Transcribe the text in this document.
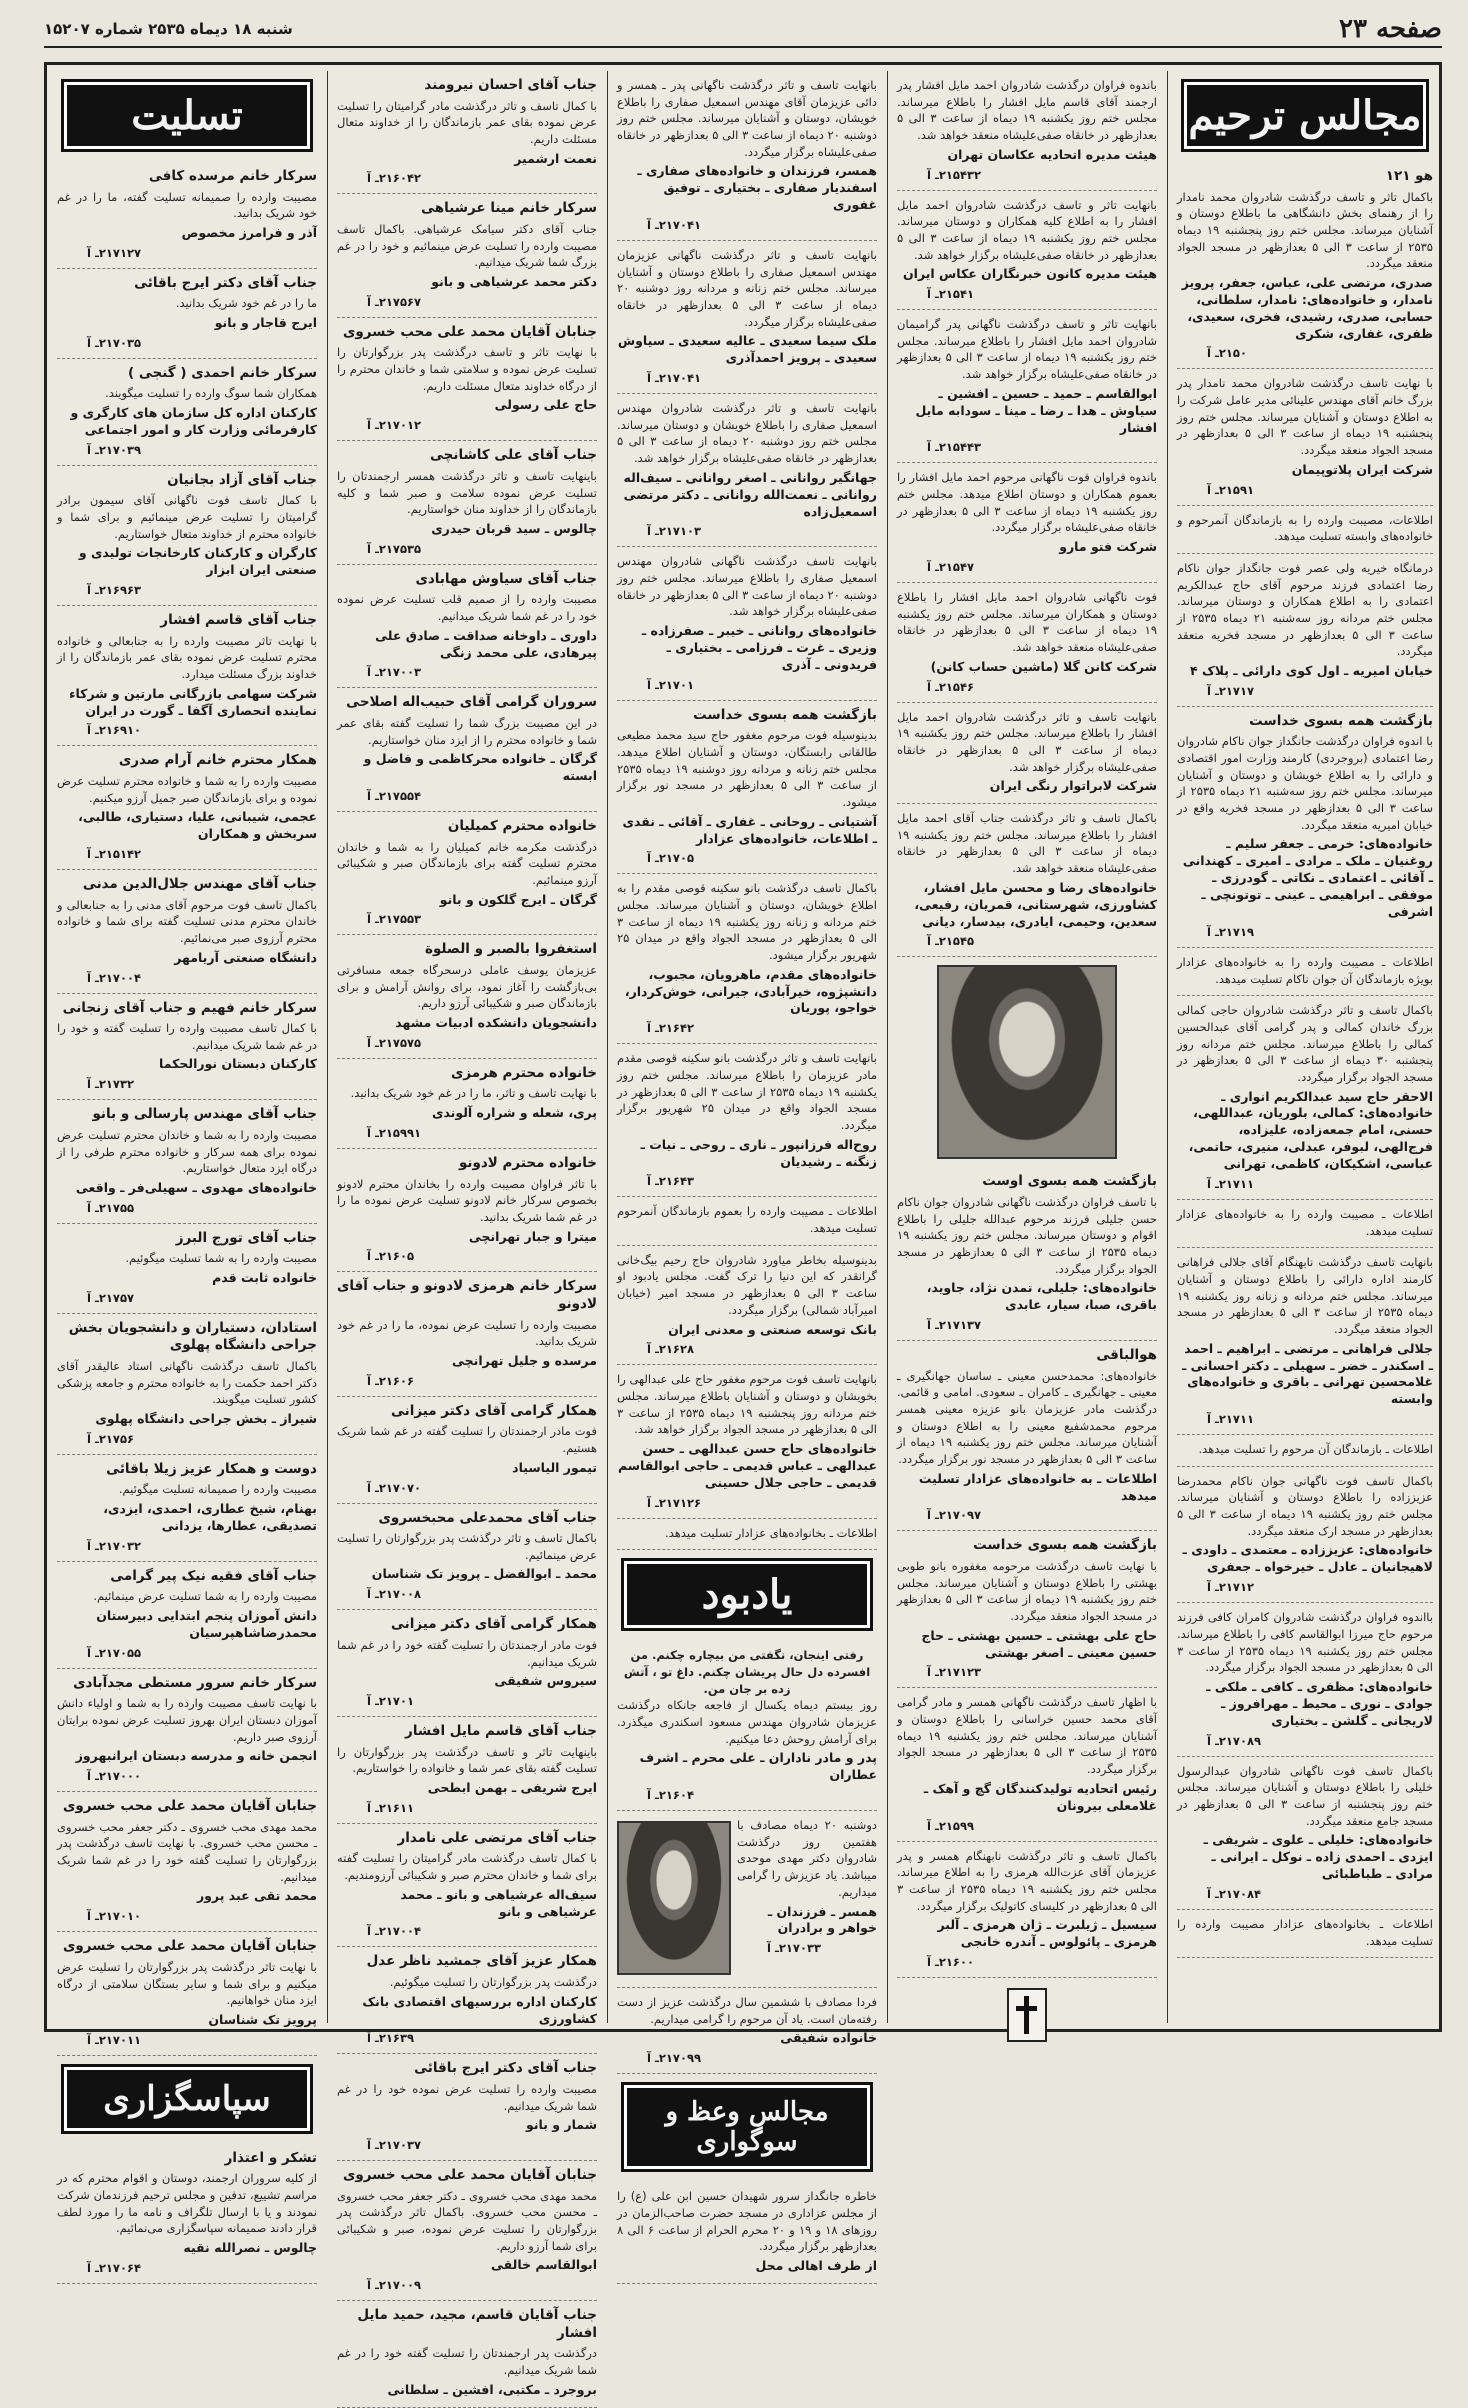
صفحه ۲۳
شنبه ۱۸ دیماه ۲۵۳۵ شماره ۱۵۲۰۷
تسلیت

سرکار خانم مرسده کافی

مصیبت وارده را صمیمانه تسلیت گفته، ما را در غم خود شریک بدانید.

آذر و فرامرز مخصوص

۲۱۷۱۲۷ـ آ

جناب آقای دکتر ایرج باقائی

ما را در غم خود شریک بدانید.

ایرج قاجار و بانو

۲۱۷۰۳۵ـ آ

سرکار خانم احمدی ( گنجی )

همکاران شما سوگ وارده را تسلیت میگویند.

کارکنان اداره کل سازمان های کارگری و کارفرمائی وزارت کار و امور اجتماعی

۲۱۷۰۳۹ـ آ

جناب آقای آزاد بجانیان

با کمال تاسف فوت ناگهانی آقای سیمون برادر گرامیتان را تسلیت عرض مینمائیم و برای شما و خانواده محترم از خداوند متعال خواستاریم.

کارگران و کارکنان کارخانجات تولیدی و صنعتی ایران ابزار

۲۱۶۹۶۳ـ آ

جناب آقای قاسم افشار

با نهایت تاثر مصیبت وارده را به جنابعالی و خانواده محترم تسلیت عرض نموده بقای عمر بازماندگان را از خداوند بزرگ مسئلت میدارد.

شرکت سهامی بازرگانی مارتین و شرکاء نماینده انحصاری آگفا ـ گورت در ایران

۲۱۶۹۱۰ـ آ

همکار محترم خانم آرام صدری

مصیبت وارده را به شما و خانواده محترم تسلیت عرض نموده و برای بازماندگان صبر جمیل آرزو میکنیم.

عجمی، شیبانی، علیا، دستیاری، طالبی، سربخش و همکاران

۲۱۵۱۴۲ـ آ

جناب آقای مهندس جلال‌الدین مدنی

باکمال تاسف فوت مرحوم آقای مدنی را به جنابعالی و خاندان محترم مدنی تسلیت گفته برای شما و خانواده محترم آرزوی صبر می‌نمائیم.

دانشگاه صنعتی آریامهر

۲۱۷۰۰۴ـ آ

سرکار خانم فهیم و جناب آقای زنجانی

با کمال تاسف مصیبت وارده را تسلیت گفته و خود را در غم شما شریک میدانیم.

کارکنان دبستان نورالحکما

۲۱۷۳۲ـ آ

جناب آقای مهندس پارسالی و بانو

مصیبت وارده را به شما و خاندان محترم تسلیت عرض نموده برای همه سرکار و خانواده محترم طرفی را از درگاه ایزد متعال خواستاریم.

خانواده‌های مهدوی ـ سهیلی‌فر ـ واقعی

۲۱۷۵۵ـ آ

جناب آقای تورج البرز

مصیبت وارده را به شما تسلیت میگوئیم.

خانواده ثابت قدم

۲۱۷۵۷ـ آ

استادان، دستیاران و دانشجویان بخش جراحی دانشگاه پهلوی

باکمال تاسف درگذشت ناگهانی استاد عالیقدر آقای دکتر احمد حکمت را به خانواده محترم و جامعه پزشکی کشور تسلیت میگویند.

شیراز ـ بخش جراحی دانشگاه پهلوی

۲۱۷۵۶ـ آ

دوست و همکار عزیز زیلا باقائی

مصیبت وارده را صمیمانه تسلیت میگوئیم.

بهنام، شیخ عطاری، احمدی، ایزدی، تصدیقی، عطارها، یزدانی

۲۱۷۰۳۲ـ آ

جناب آقای فقیه نیک پیر گرامی

مصیبت وارده را به شما تسلیت عرض مینمائیم.

دانش آموزان پنجم ابتدایی دبیرستان محمدرضاشاهپرسیان

۲۱۷۰۵۵ـ آ

سرکار خانم سرور مستطی مجدآبادی

با نهایت تاسف مصیبت وارده را به شما و اولیاء دانش آموزان دبستان ایران بهروز تسلیت عرض نموده برایتان آرزوی صبر داریم.

انجمن خانه و مدرسه دبستان ایرانبهروز

۲۱۷۰۰۰ـ آ

جنابان آقایان محمد علی محب خسروی

محمد مهدی محب خسروی ـ دکتر جعفر محب خسروی ـ محسن محب خسروی. با نهایت تاسف درگذشت پدر بزرگوارتان را تسلیت گفته خود را در غم شما شریک میدانیم.

محمد تقی عبد پرور

۲۱۷۰۱۰ـ آ

جنابان آقایان محمد علی محب خسروی

با نهایت تاثر درگذشت پدر بزرگوارتان را تسلیت عرض میکنیم و برای شما و سایر بستگان سلامتی از درگاه ایزد منان خواهانیم.

پرویز تک شناسان

۲۱۷۰۱۱ـ آ

سپاسگزاری

تشکر و اعتذار

از کلیه سروران ارجمند، دوستان و اقوام محترم که در مراسم تشییع، تدفین و مجلس ترحیم فرزندمان شرکت نمودند و یا با ارسال تلگراف و نامه ما را مورد لطف قرار دادند صمیمانه سپاسگزاری می‌نمائیم.

چالوس ـ نصرالله نقیه

۲۱۷۰۶۴ـ آ

جناب آقای احسان نیرومند

با کمال تاسف و تاثر درگذشت مادر گرامیتان را تسلیت عرض نموده بقای عمر بازماندگان را از خداوند متعال مسئلت داریم.

نعمت ارشمیر

۲۱۶۰۴۲ـ آ

سرکار خانم مینا عرشیاهی

جناب آقای دکتر سیامک عرشیاهی. باکمال تاسف مصیبت وارده را تسلیت عرض مینمائیم و خود را در غم بزرگ شما شریک میدانیم.

دکتر محمد عرشیاهی و بانو

۲۱۷۵۶۷ـ آ

جنابان آقایان محمد علی محب خسروی

با نهایت تاثر و تاسف درگذشت پدر بزرگوارتان را تسلیت عرض نموده و سلامتی شما و خاندان محترم را از درگاه خداوند متعال مسئلت داریم.

حاج علی رسولی

۲۱۷۰۱۲ـ آ

جناب آقای علی کاشانچی

باینهایت تاسف و تاثر درگذشت همسر ارجمندتان را تسلیت عرض نموده سلامت و صبر شما و کلیه بازماندگان را از خداوند منان خواستاریم.

چالوس ـ سید قربان حیدری

۲۱۷۵۳۵ـ آ

جناب آقای سیاوش مهابادی

مصیبت وارده را از صمیم قلب تسلیت عرض نموده خود را در غم شما شریک میدانیم.

داوری ـ داوخانه صداقت ـ صادق علی پیرهادی، علی محمد زنگی

۲۱۷۰۰۳ـ آ

سروران گرامی آقای حبیب‌اله اصلاحی

در این مصیبت بزرگ شما را تسلیت گفته بقای عمر شما و خانواده محترم را از ایزد منان خواستاریم.

گرگان ـ خانواده محرکاظمی و فاضل و ابسته

۲۱۷۵۵۴ـ آ

خانواده محترم کمیلیان

درگذشت مکرمه خانم کمیلیان را به شما و خاندان محترم تسلیت گفته برای بازماندگان صبر و شکیبائی آرزو مینمائیم.

گرگان ـ ایرج گلکون و بانو

۲۱۷۵۵۳ـ آ

استغفروا بالصبر و الصلوة

عزیزمان یوسف عاملی درسحرگاه جمعه مسافرتی بی‌بازگشت را آغاز نمود، برای روانش آرامش و برای بازماندگان صبر و شکیبائی آرزو داریم.

دانشجویان دانشکده ادبیات مشهد

۲۱۷۵۷۵ـ آ

خانواده محترم هرمزی

با نهایت تاسف و تاثر، ما را در غم خود شریک بدانید.

پری، شعله و شراره آلوندی

۲۱۵۹۹۱ـ آ

خانواده محترم لادونو

با تاثر فراوان مصیبت وارده را بخاندان محترم لادونو بخصوص سرکار خانم لادونو تسلیت عرض نموده ما را در غم شما شریک بدانید.

میترا و جبار تهرانچی

۲۱۶۰۵ـ آ

سرکار خانم هرمزی لادونو و جناب آقای لادونو

مصیبت وارده را تسلیت عرض نموده، ما را در غم خود شریک بدانید.

مرسده و جلیل تهرانچی

۲۱۶۰۶ـ آ

همکار گرامی آقای دکتر میزانی

فوت مادر ارجمندتان را تسلیت گفته در غم شما شریک هستیم.

تیمور الیاسیاد

۲۱۷۰۷۰ـ آ

جناب آقای محمدعلی محبخسروی

باکمال تاسف و تاثر درگذشت پدر بزرگوارتان را تسلیت عرض مینمائیم.

محمد ـ ابوالفضل ـ پرویز تک شناسان

۲۱۷۰۰۸ـ آ

همکار گرامی آقای دکتر میزانی

فوت مادر ارجمندتان را تسلیت گفته خود را در غم شما شریک میدانیم.

سیروس شفیقی

۲۱۷۰۱ـ آ

جناب آقای قاسم مایل افشار

باینهایت تاثر و تاسف درگذشت پدر بزرگوارتان را تسلیت گفته بقای عمر شما و خانواده را خواستاریم.

ایرج شریفی ـ بهمن ابطحی

۲۱۶۱۱ـ آ

جناب آقای مرتضی علی نامدار

با کمال تاسف درگذشت مادر گرامیتان را تسلیت گفته برای شما و خاندان محترم صبر و شکیبائی آرزومندیم.

سیف‌اله عرشیاهی و بانو ـ محمد عرشیاهی و بانو

۲۱۷۰۰۴ـ آ

همکار عزیز آقای جمشید ناظر عدل

درگذشت پدر بزرگوارتان را تسلیت میگوئیم.

کارکنان اداره بررسیهای اقتصادی بانک کشاورزی

۲۱۶۳۹ـ آ

جناب آقای دکتر ایرج باقائی

مصیبت وارده را تسلیت عرض نموده خود را در غم شما شریک میدانیم.

شمار و بانو

۲۱۷۰۳۷ـ آ

جنابان آقایان محمد علی محب خسروی

محمد مهدی محب خسروی ـ دکتر جعفر محب خسروی ـ محسن محب خسروی. باکمال تاثر درگذشت پدر بزرگوارتان را تسلیت عرض نموده، صبر و شکیبائی برای شما آرزو داریم.

ابوالقاسم خالقی

۲۱۷۰۰۹ـ آ

جناب آقایان قاسم، مجید، حمید مایل افشار

درگذشت پدر ارجمندتان را تسلیت گفته خود را در غم شما شریک میدانیم.

بروجرد ـ مکتبی، افشین ـ سلطانی

بانهایت تاسف و تاثر درگذشت ناگهانی پدر ـ همسر و دائی عزیزمان آقای مهندس اسمعیل صفاری را باطلاع خویشان، دوستان و آشنایان میرساند. مجلس ختم روز دوشنبه ۲۰ دیماه از ساعت ۳ الی ۵ بعدازظهر در خانقاه صفی‌علیشاه برگزار میگردد.

همسر، فرزندان و خانواده‌های صفاری ـ اسفندیار صفاری ـ بختیاری ـ توفیق غفوری

۲۱۷۰۴۱ـ آ

بانهایت تاسف و تاثر درگذشت ناگهانی عزیزمان مهندس اسمعیل صفاری را باطلاع دوستان و آشنایان میرساند. مجلس ختم زنانه و مردانه روز دوشنبه ۲۰ دیماه از ساعت ۳ الی ۵ بعدازظهر در خانقاه صفی‌علیشاه برگزار میگردد.

ملک سیما سعیدی ـ عالیه سعیدی ـ سیاوش سعیدی ـ پرویز احمدآذری

۲۱۷۰۴۱ـ آ

بانهایت تاسف و تاثر درگذشت شادروان مهندس اسمعیل صفاری را باطلاع خویشان و دوستان میرساند. مجلس ختم روز دوشنبه ۲۰ دیماه از ساعت ۳ الی ۵ بعدازظهر در خانقاه صفی‌علیشاه برگزار خواهد شد.

جهانگیر روانانی ـ اصغر روانانی ـ سیف‌اله روانانی ـ نعمت‌الله روانانی ـ دکتر مرتضی اسمعیل‌زاده

۲۱۷۱۰۳ـ آ

بانهایت تاسف درگذشت ناگهانی شادروان مهندس اسمعیل صفاری را باطلاع میرساند. مجلس ختم روز دوشنبه ۲۰ دیماه از ساعت ۳ الی ۵ بعدازظهر در خانقاه صفی‌علیشاه برگزار خواهد شد.

خانواده‌های روانانی ـ خیبر ـ صفرزاده ـ وزیری ـ غرت ـ فرزامی ـ بختیاری ـ فریدونی ـ آذری

۲۱۷۰۱ـ آ

بازگشت همه بسوی خداست

بدینوسیله فوت مرحوم مغفور حاج سید محمد مطیعی طالقانی رابستگان، دوستان و آشنایان اطلاع میدهد. مجلس ختم زنانه و مردانه روز دوشنبه ۱۹ دیماه ۲۵۳۵ از ساعت ۳ الی ۵ بعدازظهر در مسجد نور برگزار میشود.

آشتیانی ـ روحانی ـ غفاری ـ آقائی ـ نقدی ـ اطلاعات، خانواده‌های عزادار

۲۱۷۰۵ـ آ

باکمال تاسف درگذشت بانو سکینه قوصی مقدم را به اطلاع خویشان، دوستان و آشنایان میرساند. مجلس ختم مردانه و زنانه روز یکشنبه ۱۹ دیماه از ساعت ۳ الی ۵ بعدازظهر در مسجد الجواد واقع در میدان ۲۵ شهریور برگزار میشود.

خانواده‌های مقدم، ماهرویان، مجبوب، دانشپژوه، خیرآبادی، جیرانی، خوش‌کردار، خواجو، پوریان

۲۱۶۴۲ـ آ

بانهایت تاسف و تاثر درگذشت بانو سکینه قوصی مقدم مادر عزیزمان را باطلاع میرساند. مجلس ختم روز یکشنبه ۱۹ دیماه ۲۵۳۵ از ساعت ۳ الی ۵ بعدازظهر در مسجد الجواد واقع در میدان ۲۵ شهریور برگزار میگردد.

روح‌اله فرزانپور ـ ناری ـ روحی ـ نیات ـ زنگنه ـ رشیدیان

۲۱۶۴۳ـ آ

اطلاعات ـ مصیبت وارده را بعموم بازماندگان آنمرحوم تسلیت میدهد.

بدینوسیله بخاطر میاورد شادروان حاج رحیم بیگ‌خانی گرانقدر که این دنیا را ترک گفت. مجلس یادبود او ساعت ۳ الی ۵ بعدازظهر در مسجد امیر (خیابان امیرآباد شمالی) برگزار میگردد.

بانک توسعه صنعتی و معدنی ایران

۲۱۶۲۸ـ آ

بانهایت تاسف فوت مرحوم مغفور حاج علی عبدالهی را بخویشان و دوستان و آشنایان باطلاع میرساند. مجلس ختم مردانه روز پنجشنبه ۱۹ دیماه ۲۵۳۵ از ساعت ۳ الی ۵ بعدازظهر در مسجد الجواد برگزار خواهد شد.

خانواده‌های حاج حسن عبدالهی ـ حسن عبدالهی ـ عباس قدیمی ـ حاجی ابوالقاسم قدیمی ـ حاجی جلال حسینی

۲۱۷۱۲۶ـ آ

اطلاعات ـ بخانواده‌های عزادار تسلیت میدهد.

یادبود

رفتی اینجان، نگفتی من بیچاره چکنم. من افسرده دل حال پریشان چکنم. داغ تو ، آتش زده بر جان من.

روز بیستم دیماه یکسال از فاجعه جانکاه درگذشت عزیزمان شادروان مهندس مسعود اسکندری میگذرد. برای آرامش روحش دعا میکنیم.

پدر و مادر ناداران ـ علی محرم ـ اشرف عطاران

۲۱۶۰۴ـ آ

دوشنبه ۲۰ دیماه مصادف با هفتمین روز درگذشت شادروان دکتر مهدی موحدی میباشد. یاد عزیزش را گرامی میداریم.

همسر ـ فرزندان ـ خواهر و برادران

۲۱۷۰۳۳ـ آ

فردا مصادف با ششمین سال درگذشت عزیز از دست رفته‌مان است. یاد آن مرحوم را گرامی میداریم.

خانواده شفیقی

۲۱۷۰۹۹ـ آ

مجالس وعظ و سوگواری

خاطره جانگداز سرور شهیدان حسین ابن علی (ع) را از مجلس عزاداری در مسجد حضرت صاحب‌الزمان در روزهای ۱۸ و ۱۹ و ۲۰ محرم الحرام از ساعت ۶ الی ۸ بعدازظهر برگزار میگردد.

از طرف اهالی محل

باندوه فراوان درگذشت شادروان احمد مایل افشار پدر ارجمند آقای قاسم مایل افشار را باطلاع میرساند. مجلس ختم روز یکشنبه ۱۹ دیماه از ساعت ۳ الی ۵ بعدازظهر در خانقاه صفی‌علیشاه منعقد خواهد شد.

هیئت مدیره اتحادیه عکاسان تهران

۲۱۵۴۳۲ـ آ

بانهایت تاثر و تاسف درگذشت شادروان احمد مایل افشار را به اطلاع کلیه همکاران و دوستان میرساند. مجلس ختم روز یکشنبه ۱۹ دیماه از ساعت ۳ الی ۵ بعدازظهر در خانقاه صفی‌علیشاه برگزار خواهد شد.

هیئت مدیره کانون خبرنگاران عکاس ایران

۲۱۵۴۱ـ آ

بانهایت تاثر و تاسف درگذشت ناگهانی پدر گرامیمان شادروان احمد مایل افشار را باطلاع میرساند. مجلس ختم روز یکشنبه ۱۹ دیماه از ساعت ۳ الی ۵ بعدازظهر در خانقاه صفی‌علیشاه برگزار خواهد شد.

ابوالقاسم ـ حمید ـ حسین ـ افشین ـ سیاوش ـ هدا ـ رضا ـ مینا ـ سودابه مایل افشار

۲۱۵۴۴۳ـ آ

باندوه فراوان فوت ناگهانی مرحوم احمد مایل افشار را بعموم همکاران و دوستان اطلاع میدهد. مجلس ختم روز یکشنبه ۱۹ دیماه از ساعت ۳ الی ۵ بعدازظهر در خانقاه صفی‌علیشاه برگزار میگردد.

شرکت فتو مارو

۲۱۵۴۷ـ آ

فوت ناگهانی شادروان احمد مایل افشار را باطلاع دوستان و همکاران میرساند. مجلس ختم روز یکشنبه ۱۹ دیماه از ساعت ۳ الی ۵ بعدازظهر در خانقاه صفی‌علیشاه منعقد خواهد شد.

شرکت کانن گلا (ماشین حساب کانن)

۲۱۵۴۶ـ آ

بانهایت تاسف و تاثر درگذشت شادروان احمد مایل افشار را باطلاع میرساند. مجلس ختم روز یکشنبه ۱۹ دیماه از ساعت ۳ الی ۵ بعدازظهر در خانقاه صفی‌علیشاه برگزار خواهد شد.

شرکت لابراتوار رنگی ایران

باکمال تاسف و تاثر درگذشت جناب آقای احمد مایل افشار را باطلاع میرساند. مجلس ختم روز یکشنبه ۱۹ دیماه از ساعت ۳ الی ۵ بعدازظهر در خانقاه صفی‌علیشاه منعقد خواهد شد.

خانواده‌های رضا و محسن مایل افشار، کشاورزی، شهرستانی، قمریان، رفیعی، سعدین، وحیمی، ایادری، بیدسار، دیانی

۲۱۵۴۵ـ آ

بازگشت همه بسوی اوست

با تاسف فراوان درگذشت ناگهانی شادروان جوان ناکام حسن جلیلی فرزند مرحوم عبدالله جلیلی را باطلاع اقوام و دوستان میرساند. مجلس ختم روز یکشنبه ۱۹ دیماه ۲۵۳۵ از ساعت ۳ الی ۵ بعدازظهر در مسجد الجواد برگزار میگردد.

خانواده‌های: جلیلی، تمدن نژاد، جاوید، باقری، صبا، سیار، عابدی

۲۱۷۱۳۷ـ آ

هوالباقی

خانواده‌های: محمدحسن معینی ـ ساسان جهانگیری ـ معینی ـ جهانگیری ـ کامران ـ سعودی. امامی و قائمی. درگذشت مادر عزیزمان بانو عزیزه معینی همسر مرحوم محمدشفیع معینی را به اطلاع دوستان و آشنایان میرساند. مجلس ختم روز یکشنبه ۱۹ دیماه از ساعت ۳ الی ۵ بعدازظهر در مسجد نور برگزار میگردد.

اطلاعات ـ به خانواده‌های عزادار تسلیت میدهد

۲۱۷۰۹۷ـ آ

بازگشت همه بسوی خداست

با نهایت تاسف درگذشت مرحومه مغفوره بانو طوبی بهشتی را باطلاع دوستان و آشنایان میرساند. مجلس ختم روز یکشنبه ۱۹ دیماه از ساعت ۳ الی ۵ بعدازظهر در مسجد الجواد منعقد میگردد.

حاج علی بهشتی ـ حسین بهشتی ـ حاج حسین معینی ـ اصغر بهشتی

۲۱۷۱۲۳ـ آ

با اظهار تاسف درگذشت ناگهانی همسر و مادر گرامی آقای محمد حسین خراسانی را باطلاع دوستان و آشنایان میرساند. مجلس ختم روز یکشنبه ۱۹ دیماه ۲۵۳۵ از ساعت ۳ الی ۵ بعدازظهر در مسجد الجواد برگزار میگردد.

رئیس اتحادیه تولیدکنندگان گچ و آهک ـ غلامعلی بیرونان

۲۱۵۹۹ـ آ

باکمال تاسف و تاثر درگذشت نابهنگام همسر و پدر عزیزمان آقای عزت‌الله هرمزی را به اطلاع میرساند. مجلس ختم روز یکشنبه ۱۹ دیماه ۲۵۳۵ از ساعت ۳ الی ۵ بعدازظهر در کلیسای کاتولیک برگزار میگردد.

سیسیل ـ ژیلبرت ـ ژان هرمزی ـ آلبر هرمزی ـ پائولوس ـ آندره خانجی

۲۱۶۰۰ـ آ

مجالس ترحیم

هو ۱۲۱

باکمال تاثر و تاسف درگذشت شادروان محمد نامدار را از رهنمای بخش دانشگاهی ما باطلاع دوستان و آشنایان میرساند. مجلس ختم روز پنجشنبه ۱۹ دیماه ۲۵۳۵ از ساعت ۳ الی ۵ بعدازظهر در مسجد الجواد منعقد میگردد.

صدری، مرتضی علی، عباس، جعفر، پرویز نامدار، و خانواده‌های: نامدار، سلطانی، حسابی، صدری، رشیدی، فخری، سعیدی، ظفری، غفاری، شکری

۲۱۵۰ـ آ

با نهایت تاسف درگذشت شادروان محمد نامدار پدر بزرگ خانم آقای مهندس علینائی مدیر عامل شرکت را به اطلاع دوستان و آشنایان میرساند. مجلس ختم روز پنجشنبه ۱۹ دیماه از ساعت ۳ الی ۵ بعدازظهر در مسجد الجواد منعقد میگردد.

شرکت ایران پلاتوپیمان

۲۱۵۹۱ـ آ

اطلاعات، مصیبت وارده را به بازماندگان آنمرحوم و خانواده‌های وابسته تسلیت میدهد.

درمانگاه خیریه ولی عصر فوت جانگداز جوان ناکام رضا اعتمادی فرزند مرحوم آقای حاج عبدالکریم اعتمادی را به اطلاع همکاران و دوستان میرساند. مجلس ختم مردانه روز سه‌شنبه ۲۱ دیماه ۲۵۳۵ از ساعت ۳ الی ۵ بعدازظهر در مسجد فخریه منعقد میگردد.

خیابان امیریه ـ اول کوی دارائی ـ پلاک ۴

۲۱۷۱۷ـ آ

بازگشت همه بسوی خداست

با اندوه فراوان درگذشت جانگداز جوان ناکام شادروان رضا اعتمادی (بروجردی) کارمند وزارت امور اقتصادی و دارائی را به اطلاع خویشان و دوستان و آشنایان میرساند. مجلس ختم روز سه‌شنبه ۲۱ دیماه ۲۵۳۵ از ساعت ۳ الی ۵ بعدازظهر در مسجد فخریه واقع در خیابان امیریه منعقد میگردد.

خانواده‌های: خرمی ـ جعفر سلیم ـ روغنیان ـ ملک ـ مرادی ـ امیری ـ کهندانی ـ آقائی ـ اعتمادی ـ نکاتی ـ گودرزی ـ موفقی ـ ابراهیمی ـ عینی ـ توتونچی ـ اشرفی

۲۱۷۱۹ـ آ

اطلاعات ـ مصیبت وارده را به خانواده‌های عزادار بویژه بازماندگان آن جوان ناکام تسلیت میدهد.

باکمال تاسف و تاثر درگذشت شادروان حاجی کمالی بزرگ خاندان کمالی و پدر گرامی آقای عبدالحسین کمالی را باطلاع میرساند. مجلس ختم مردانه روز پنجشنبه ۳۰ دیماه از ساعت ۳ الی ۵ بعدازظهر در مسجد الجواد برگزار میگردد.

الاحقر حاج سید عبدالکریم انواری ـ خانواده‌های: کمالی، بلوریان، عبداللهی، حسنی، امام جمعه‌زاده، علیزاده، فرج‌الهی، لبوفر، عبدلی، منیری، حاتمی، عباسی، اشکیکان، کاظمی، تهرانی

۲۱۷۱۱ـ آ

اطلاعات ـ مصیبت وارده را به خانواده‌های عزادار تسلیت میدهد.

بانهایت تاسف درگذشت نابهنگام آقای جلالی فراهانی کارمند اداره دارائی را باطلاع دوستان و آشنایان میرساند. مجلس ختم مردانه و زنانه روز یکشنبه ۱۹ دیماه ۲۵۳۵ از ساعت ۳ الی ۵ بعدازظهر در مسجد الجواد منعقد میگردد.

جلالی فراهانی ـ مرتضی ـ ابراهیم ـ احمد ـ اسکندر ـ خضر ـ سهیلی ـ دکتر احسانی ـ غلامحسین تهرانی ـ باقری و خانواده‌های وابسته

۲۱۷۱۱ـ آ

اطلاعات ـ بازماندگان آن مرحوم را تسلیت میدهد.

باکمال تاسف فوت ناگهانی جوان ناکام محمدرضا عزیززاده را باطلاع دوستان و آشنایان میرساند. مجلس ختم روز یکشنبه ۱۹ دیماه از ساعت ۳ الی ۵ بعدازظهر در مسجد ارک منعقد میگردد.

خانواده‌های: عزیززاده ـ معتمدی ـ داودی ـ لاهیجانیان ـ عادل ـ خیرخواه ـ جعفری

۲۱۷۱۲ـ آ

بااندوه فراوان درگذشت شادروان کامران کافی فرزند مرحوم حاج میرزا ابوالقاسم کافی را باطلاع میرساند. مجلس ختم روز یکشنبه ۱۹ دیماه ۲۵۳۵ از ساعت ۳ الی ۵ بعدازظهر در مسجد الجواد برگزار میگردد.

خانواده‌های: مظفری ـ کافی ـ ملکی ـ جوادی ـ نوری ـ محیط ـ مهرافروز ـ لاریجانی ـ گلشن ـ بختیاری

۲۱۷۰۸۹ـ آ

باکمال تاسف فوت ناگهانی شادروان عبدالرسول خلیلی را باطلاع دوستان و آشنایان میرساند. مجلس ختم روز پنجشنبه از ساعت ۳ الی ۵ بعدازظهر در مسجد جامع منعقد میگردد.

خانواده‌های: خلیلی ـ علوی ـ شریفی ـ ایزدی ـ احمدی زاده ـ نوکل ـ ایرانی ـ مرادی ـ طباطبائی

۲۱۷۰۸۴ـ آ

اطلاعات ـ بخانواده‌های عزادار مصیبت وارده را تسلیت میدهد.
